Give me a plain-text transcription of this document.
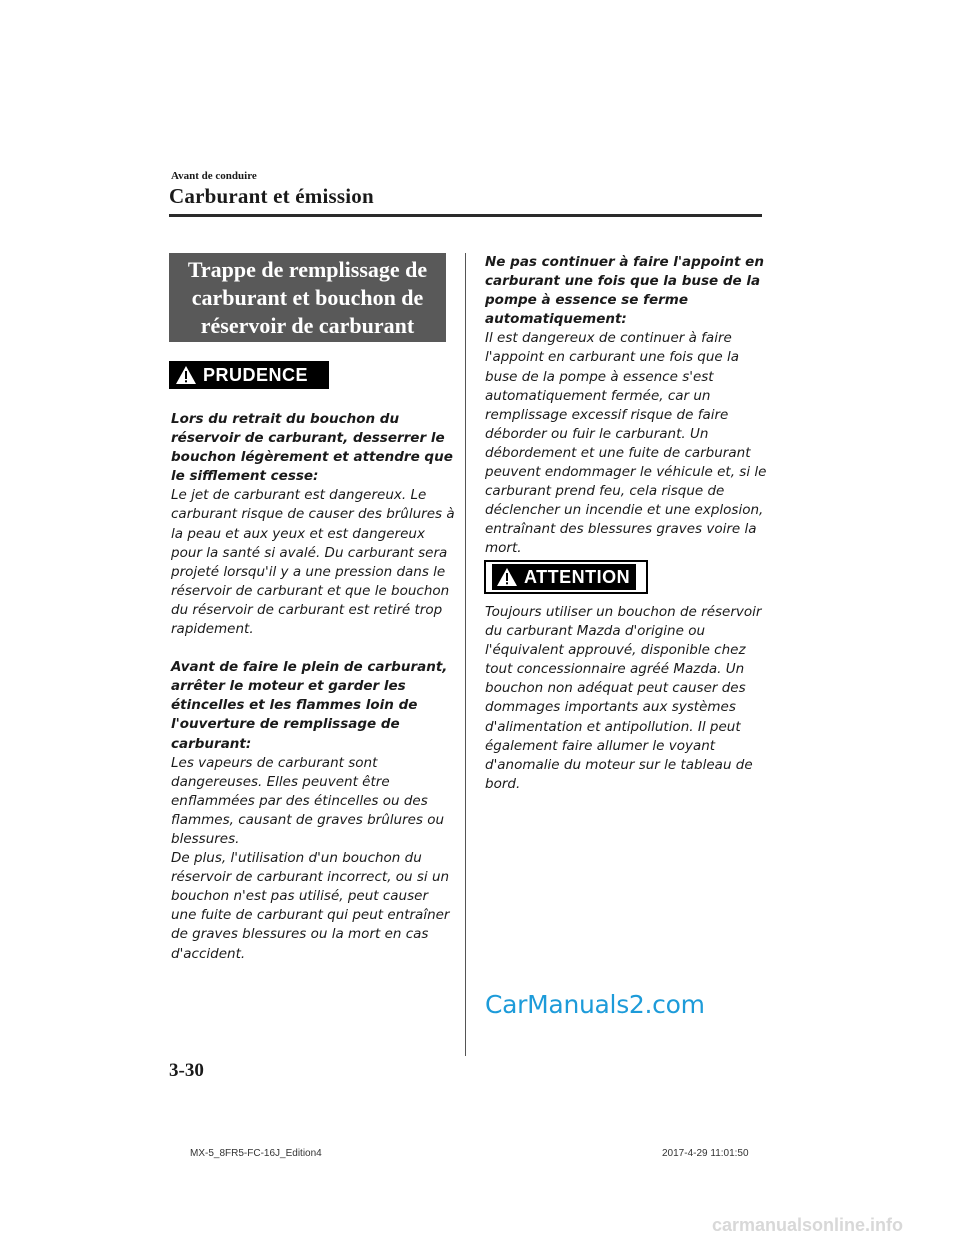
Avant de conduire
Carburant et émission
Trappe de remplissage de carburant et bouchon de réservoir de carburant
PRUDENCE

Lors du retrait du bouchon du réservoir de carburant, desserrer le bouchon légèrement et attendre que le sifflement cesse:

Le jet de carburant est dangereux. Le carburant risque de causer des brûlures à la peau et aux yeux et est dangereux pour la santé si avalé. Du carburant sera projeté lorsqu'il y a une pression dans le réservoir de carburant et que le bouchon du réservoir de carburant est retiré trop rapidement.

Avant de faire le plein de carburant, arrêter le moteur et garder les étincelles et les flammes loin de l'ouverture de remplissage de carburant:

Les vapeurs de carburant sont dangereuses. Elles peuvent être enflammées par des étincelles ou des flammes, causant de graves brûlures ou blessures.

De plus, l'utilisation d'un bouchon du réservoir de carburant incorrect, ou si un bouchon n'est pas utilisé, peut causer une fuite de carburant qui peut entraîner de graves blessures ou la mort en cas d'accident.

Ne pas continuer à faire l'appoint en carburant une fois que la buse de la pompe à essence se ferme automatiquement:

Il est dangereux de continuer à faire l'appoint en carburant une fois que la buse de la pompe à essence s'est automatiquement fermée, car un remplissage excessif risque de faire déborder ou fuir le carburant. Un débordement et une fuite de carburant peuvent endommager le véhicule et, si le carburant prend feu, cela risque de déclencher un incendie et une explosion, entraînant des blessures graves voire la mort.

ATTENTION

Toujours utiliser un bouchon de réservoir du carburant Mazda d'origine ou l'équivalent approuvé, disponible chez tout concessionnaire agréé Mazda. Un bouchon non adéquat peut causer des dommages importants aux systèmes d'alimentation et antipollution. Il peut également faire allumer le voyant d'anomalie du moteur sur le tableau de bord.

CarManuals2.com
3-30
MX-5_8FR5-FC-16J_Edition4	2017-4-29 11:01:50
carmanualsonline.info
